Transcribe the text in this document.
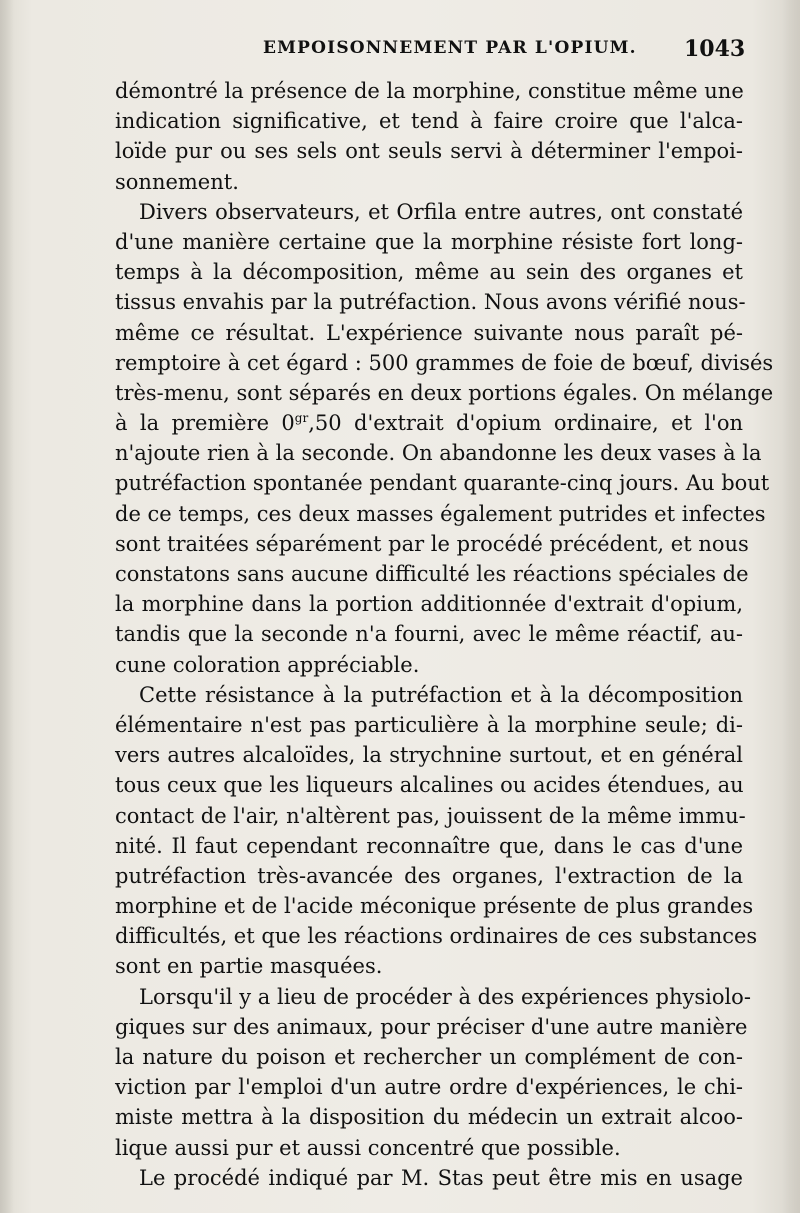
EMPOISONNEMENT PAR L'OPIUM. 1043
démontré la présence de la morphine, constitue même une
indication significative, et tend à faire croire que l'alca-
loïde pur ou ses sels ont seuls servi à déterminer l'empoi-
sonnement.
Divers observateurs, et Orfila entre autres, ont constaté
d'une manière certaine que la morphine résiste fort long-
temps à la décomposition, même au sein des organes et
tissus envahis par la putréfaction. Nous avons vérifié nous-
même ce résultat. L'expérience suivante nous paraît pé-
remptoire à cet égard : 500 grammes de foie de bœuf, divisés
très-menu, sont séparés en deux portions égales. On mélange
à la première $0^{gr},50$ d'extrait d'opium ordinaire, et l'on
n'ajoute rien à la seconde. On abandonne les deux vases à la
putréfaction spontanée pendant quarante-cinq jours. Au bout
de ce temps, ces deux masses également putrides et infectes
sont traitées séparément par le procédé précédent, et nous
constatons sans aucune difficulté les réactions spéciales de
la morphine dans la portion additionnée d'extrait d'opium,
tandis que la seconde n'a fourni, avec le même réactif, au-
cune coloration appréciable.
Cette résistance à la putréfaction et à la décomposition
élémentaire n'est pas particulière à la morphine seule; di-
vers autres alcaloïdes, la strychnine surtout, et en général
tous ceux que les liqueurs alcalines ou acides étendues, au
contact de l'air, n'altèrent pas, jouissent de la même immu-
nité. Il faut cependant reconnaître que, dans le cas d'une
putréfaction très-avancée des organes, l'extraction de la
morphine et de l'acide méconique présente de plus grandes
difficultés, et que les réactions ordinaires de ces substances
sont en partie masquées.
Lorsqu'il y a lieu de procéder à des expériences physiolo-
giques sur des animaux, pour préciser d'une autre manière
la nature du poison et rechercher un complément de con-
viction par l'emploi d'un autre ordre d'expériences, le chi-
miste mettra à la disposition du médecin un extrait alcoo-
lique aussi pur et aussi concentré que possible.
Le procédé indiqué par M. Stas peut être mis en usage
